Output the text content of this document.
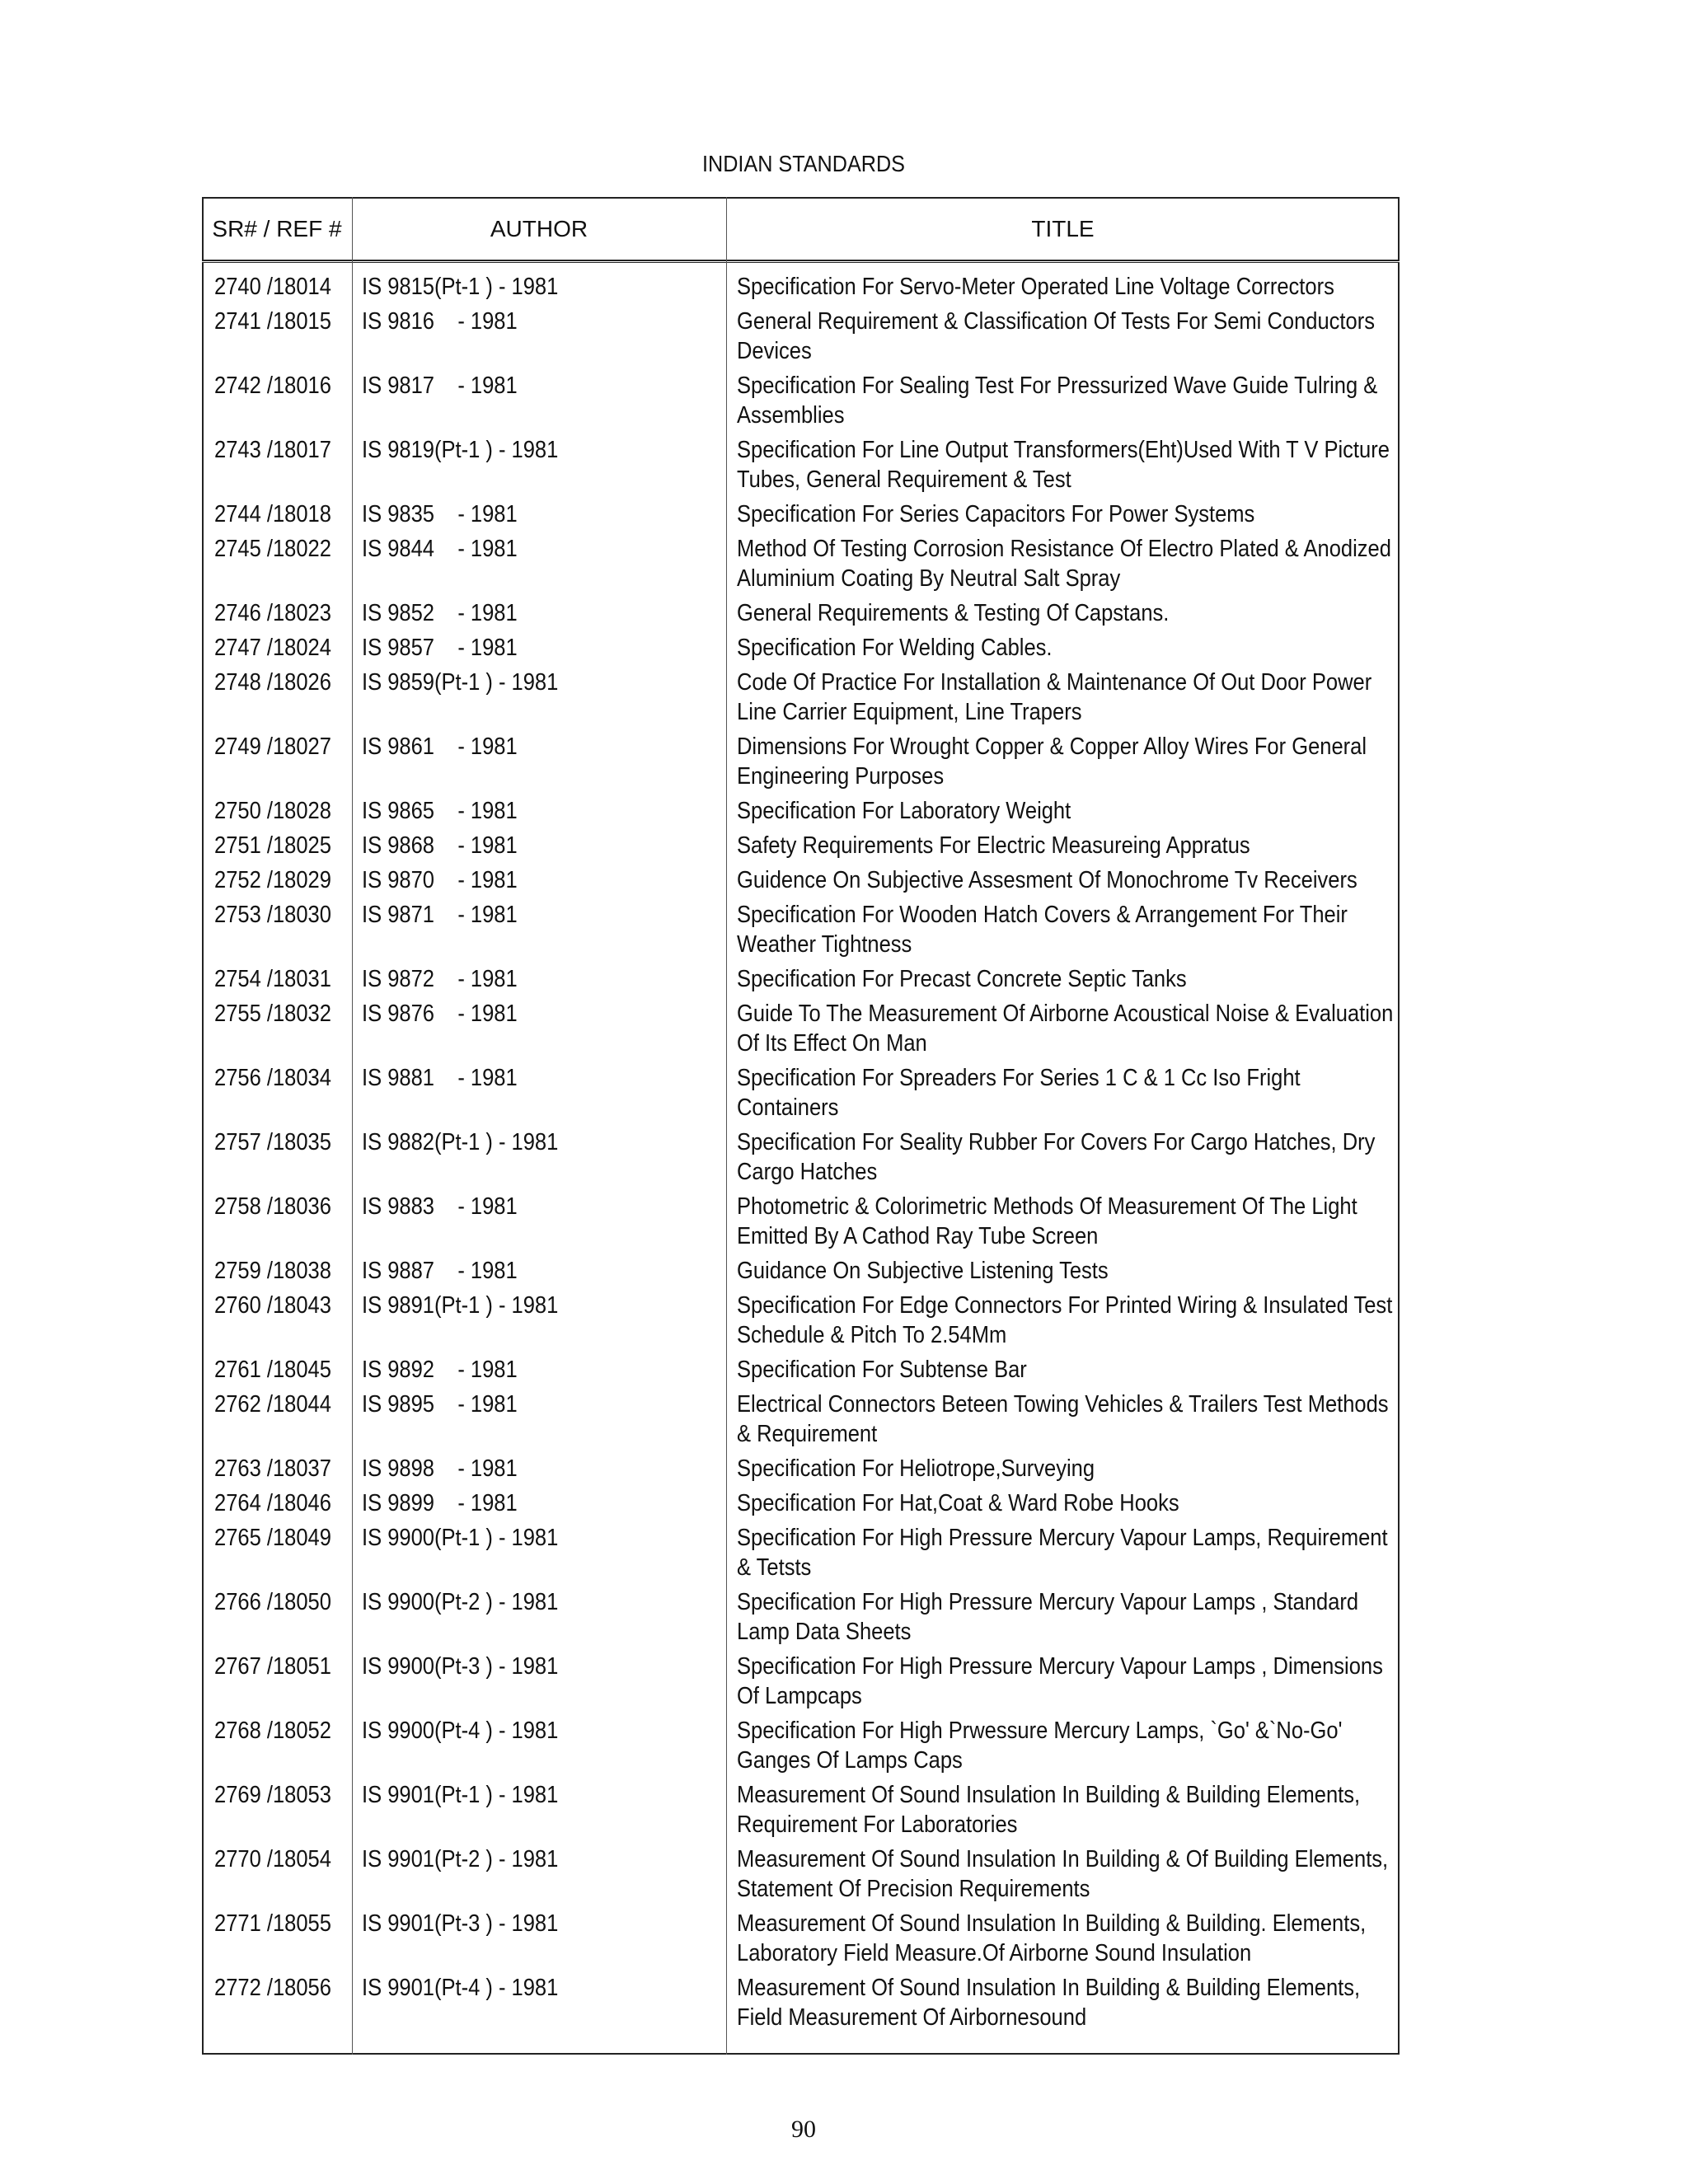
INDIAN STANDARDS
SR# / REF #	AUTHOR	TITLE
2740 /18014	IS 9815(Pt-1 ) - 1981	Specification For Servo-Meter Operated Line Voltage Correctors
2741 /18015	IS 9816    - 1981	General Requirement & Classification Of Tests For Semi Conductors Devices
2742 /18016	IS 9817    - 1981	Specification For Sealing Test For Pressurized Wave Guide Tulring & Assemblies
2743 /18017	IS 9819(Pt-1 ) - 1981	Specification For Line Output Transformers(Eht)Used With T V Picture Tubes, General Requirement & Test
2744 /18018	IS 9835    - 1981	Specification For Series Capacitors For Power Systems
2745 /18022	IS 9844    - 1981	Method Of Testing Corrosion Resistance Of Electro Plated & Anodized Aluminium Coating By Neutral Salt Spray
2746 /18023	IS 9852    - 1981	General Requirements & Testing Of Capstans.
2747 /18024	IS 9857    - 1981	Specification For Welding Cables.
2748 /18026	IS 9859(Pt-1 ) - 1981	Code Of Practice For Installation & Maintenance Of Out Door Power Line Carrier Equipment, Line Trapers
2749 /18027	IS 9861    - 1981	Dimensions For Wrought Copper & Copper Alloy Wires For General Engineering Purposes
2750 /18028	IS 9865    - 1981	Specification For Laboratory Weight
2751 /18025	IS 9868    - 1981	Safety Requirements For Electric Measureing Appratus
2752 /18029	IS 9870    - 1981	Guidence On Subjective Assesment Of Monochrome Tv Receivers
2753 /18030	IS 9871    - 1981	Specification For Wooden Hatch Covers & Arrangement For Their Weather Tightness
2754 /18031	IS 9872    - 1981	Specification For Precast Concrete Septic Tanks
2755 /18032	IS 9876    - 1981	Guide To The Measurement Of Airborne Acoustical Noise & Evaluation Of Its Effect On Man
2756 /18034	IS 9881    - 1981	Specification For Spreaders For Series 1 C & 1 Cc Iso Fright Containers
2757 /18035	IS 9882(Pt-1 ) - 1981	Specification For Seality Rubber For Covers For Cargo Hatches, Dry Cargo Hatches
2758 /18036	IS 9883    - 1981	Photometric & Colorimetric Methods Of Measurement Of The Light Emitted By A Cathod Ray Tube Screen
2759 /18038	IS 9887    - 1981	Guidance On Subjective Listening Tests
2760 /18043	IS 9891(Pt-1 ) - 1981	Specification For Edge Connectors For Printed Wiring & Insulated Test Schedule & Pitch To 2.54Mm
2761 /18045	IS 9892    - 1981	Specification For Subtense Bar
2762 /18044	IS 9895    - 1981	Electrical Connectors Beteen Towing Vehicles & Trailers Test Methods & Requirement
2763 /18037	IS 9898    - 1981	Specification For Heliotrope,Surveying
2764 /18046	IS 9899    - 1981	Specification For Hat,Coat & Ward Robe Hooks
2765 /18049	IS 9900(Pt-1 ) - 1981	Specification For High Pressure Mercury Vapour Lamps, Requirement & Tetsts
2766 /18050	IS 9900(Pt-2 ) - 1981	Specification For High Pressure Mercury Vapour Lamps , Standard Lamp Data Sheets
2767 /18051	IS 9900(Pt-3 ) - 1981	Specification For High Pressure Mercury Vapour Lamps , Dimensions Of Lampcaps
2768 /18052	IS 9900(Pt-4 ) - 1981	Specification For High Prwessure Mercury Lamps, `Go' &`No-Go' Ganges Of Lamps Caps
2769 /18053	IS 9901(Pt-1 ) - 1981	Measurement Of Sound Insulation In Building & Building Elements, Requirement For Laboratories
2770 /18054	IS 9901(Pt-2 ) - 1981	Measurement Of Sound Insulation In Building & Of Building Elements, Statement Of Precision Requirements
2771 /18055	IS 9901(Pt-3 ) - 1981	Measurement Of Sound Insulation In Building & Building. Elements, Laboratory Field Measure.Of Airborne Sound Insulation
2772 /18056	IS 9901(Pt-4 ) - 1981	Measurement Of Sound Insulation In Building & Building Elements, Field Measurement Of Airbornesound
90
